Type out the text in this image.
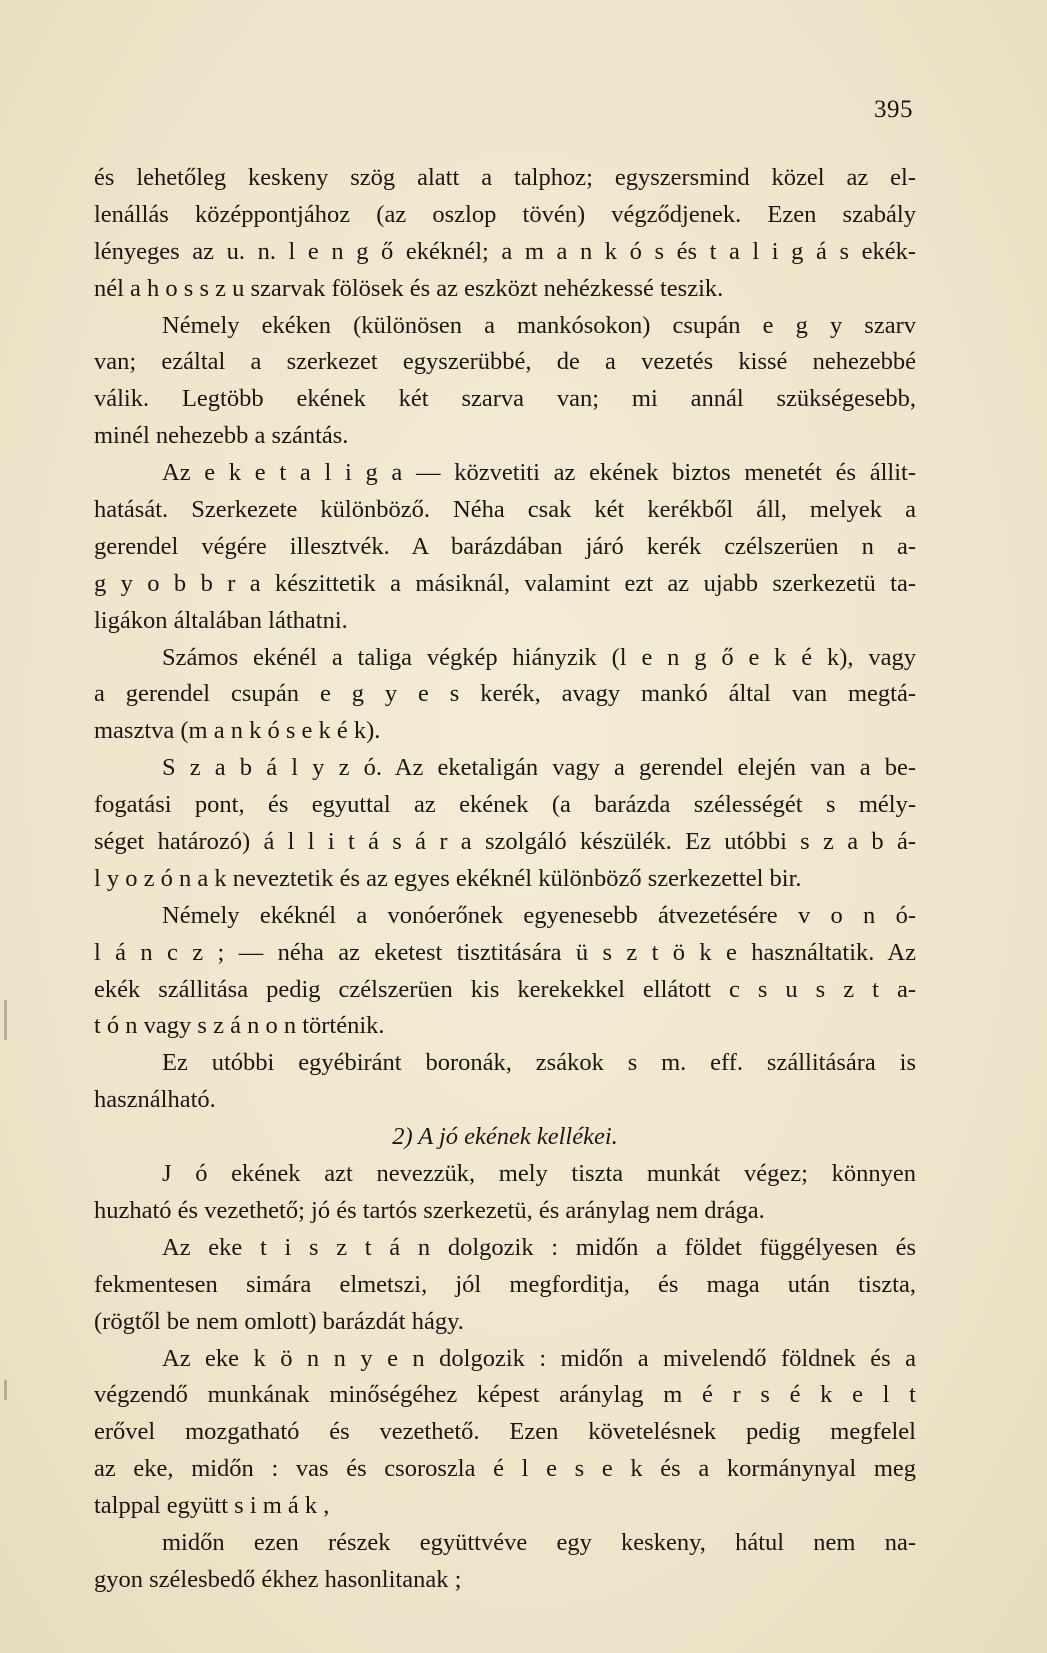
395
és lehetőleg keskeny szög alatt a talphoz; egyszersmind közel az el-
lenállás középpontjához (az oszlop tövén) végződjenek. Ezen szabály
lényeges az u. n. l e n g ő ekéknél; a m a n k ó s és t a l i g á s ekék-
nél a h o s s z u szarvak fölösek és az eszközt nehézkessé teszik.
Némely ekéken (különösen a mankósokon) csupán e g y szarv
van; ezáltal a szerkezet egyszerübbé, de a vezetés kissé nehezebbé
válik. Legtöbb ekének két szarva van; mi annál szükségesebb,
minél nehezebb a szántás.
Az e k e t a l i g a — közvetiti az ekének biztos menetét és állit-
hatását. Szerkezete különböző. Néha csak két kerékből áll, melyek a
gerendel végére illesztvék. A barázdában járó kerék czélszerüen n a-
g y o b b r a készittetik a másiknál, valamint ezt az ujabb szerkezetü ta-
ligákon általában láthatni.
Számos ekénél a taliga végkép hiányzik (l e n g ő e k é k), vagy
a gerendel csupán e g y e s kerék, avagy mankó által van megtá-
masztva (m a n k ó s e k é k).
S z a b á l y z ó. Az eketaligán vagy a gerendel elején van a be-
fogatási pont, és egyuttal az ekének (a barázda szélességét s mély-
séget határozó) á l l i t á s á r a szolgáló készülék. Ez utóbbi s z a b á-
l y o z ó n a k neveztetik és az egyes ekéknél különböző szerkezettel bir.
Némely ekéknél a vonóerőnek egyenesebb átvezetésére v o n ó-
l á n c z ; — néha az eketest tisztitására ü s z t ö k e használtatik. Az
ekék szállitása pedig czélszerüen kis kerekekkel ellátott c s u s z t a-
t ó n vagy s z á n o n történik.
Ez utóbbi egyébiránt boronák, zsákok s m. eff. szállitására is
használható.
2) A jó ekének kellékei.
J ó ekének azt nevezzük, mely tiszta munkát végez; könnyen
huzható és vezethető; jó és tartós szerkezetü, és aránylag nem drága.
Az eke t i s z t á n dolgozik : midőn a földet függélyesen és
fekmentesen simára elmetszi, jól megforditja, és maga után tiszta,
(rögtől be nem omlott) barázdát hágy.
Az eke k ö n n y e n dolgozik : midőn a mivelendő földnek és a
végzendő munkának minőségéhez képest aránylag m é r s é k e l t
erővel mozgatható és vezethető. Ezen követelésnek pedig megfelel
az eke, midőn : vas és csoroszla é l e s e k és a kormánynyal meg
talppal együtt s i m á k ,
midőn ezen részek együttvéve egy keskeny, hátul nem na-
gyon szélesbedő ékhez hasonlitanak ;
